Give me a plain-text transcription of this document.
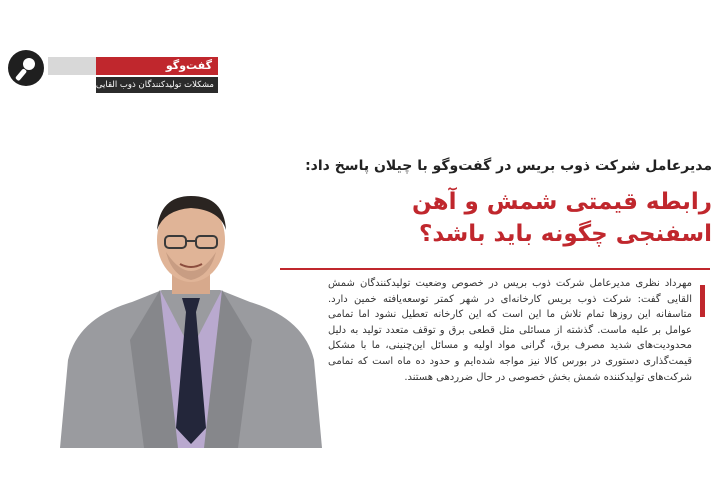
گفت‌وگو
مشکلات تولیدکنندگان ذوب القایی
مدیرعامل شرکت ذوب بریس در گفت‌وگو با چیلان پاسخ داد:
رابطه قیمتی شمش و آهن اسفنجی چگونه باید باشد؟
مهرداد نظری مدیرعامل شرکت ذوب بریس در خصوص وضعیت تولیدکنندگان شمش القایی گفت: شرکت ذوب بریس کارخانه‌ای در شهر کمتر توسعه‌یافته خمین دارد. متاسفانه این روزها تمام تلاش ما این است که این کارخانه تعطیل نشود اما تمامی عوامل بر علیه ماست. گذشته از مسائلی مثل قطعی برق و توقف متعدد تولید به دلیل محدودیت‌های شدید مصرف برق، گرانی مواد اولیه و مسائل این‌چنینی، ما با مشکل قیمت‌گذاری دستوری در بورس کالا نیز مواجه شده‌ایم و حدود ده ماه است که تمامی شرکت‌های تولیدکننده شمش بخش خصوصی در حال ضرردهی هستند.
